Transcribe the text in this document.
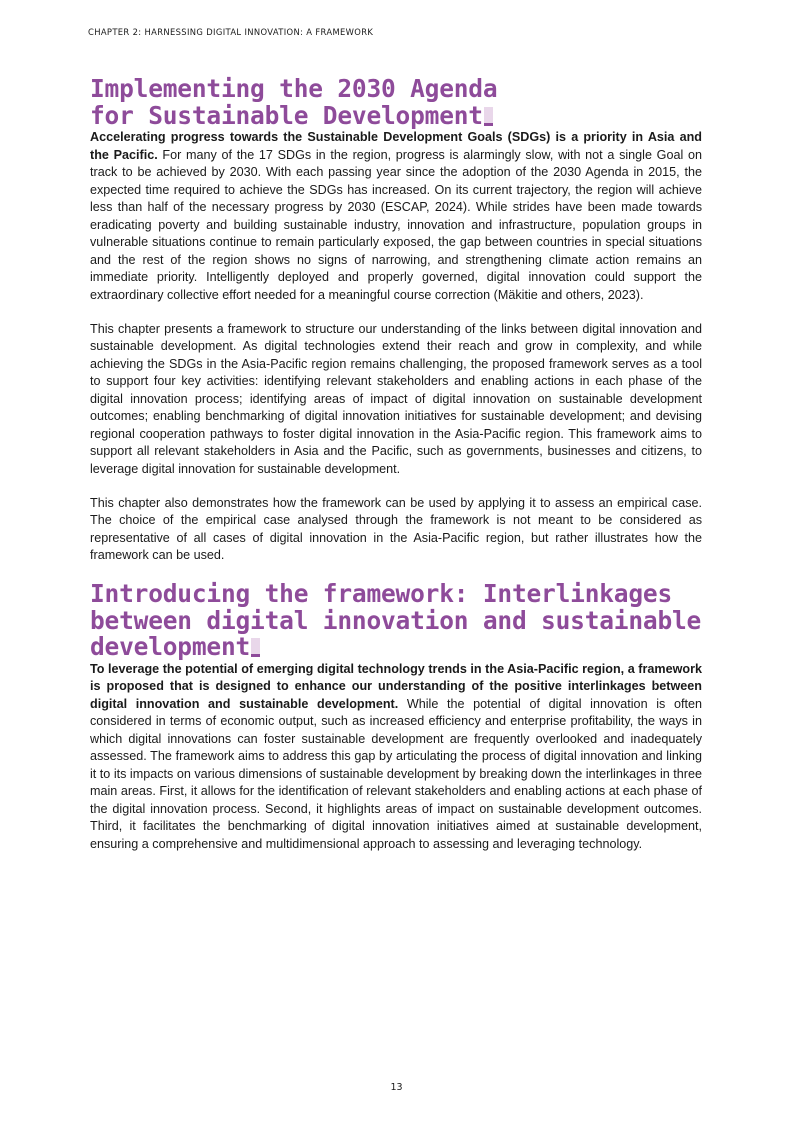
CHAPTER 2: HARNESSING DIGITAL INNOVATION: A FRAMEWORK
Implementing the 2030 Agenda
for Sustainable Development

Accelerating progress towards the Sustainable Development Goals (SDGs) is a priority in Asia and the Pacific. For many of the 17 SDGs in the region, progress is alarmingly slow, with not a single Goal on track to be achieved by 2030. With each passing year since the adoption of the 2030 Agenda in 2015, the expected time required to achieve the SDGs has increased. On its current trajectory, the region will achieve less than half of the necessary progress by 2030 (ESCAP, 2024). While strides have been made towards eradicating poverty and building sustainable industry, innovation and infrastructure, population groups in vulnerable situations continue to remain particularly exposed, the gap between countries in special situations and the rest of the region shows no signs of narrowing, and strengthening climate action remains an immediate priority. Intelligently deployed and properly governed, digital innovation could support the extraordinary collective effort needed for a meaningful course correction (Mäkitie and others, 2023).

This chapter presents a framework to structure our understanding of the links between digital innovation and sustainable development. As digital technologies extend their reach and grow in complexity, and while achieving the SDGs in the Asia-Pacific region remains challenging, the proposed framework serves as a tool to support four key activities: identifying relevant stakeholders and enabling actions in each phase of the digital innovation process; identifying areas of impact of digital innovation on sustainable development outcomes; enabling benchmarking of digital innovation initiatives for sustainable development; and devising regional cooperation pathways to foster digital innovation in the Asia-Pacific region. This framework aims to support all relevant stakeholders in Asia and the Pacific, such as governments, businesses and citizens, to leverage digital innovation for sustainable development.

This chapter also demonstrates how the framework can be used by applying it to assess an empirical case. The choice of the empirical case analysed through the framework is not meant to be considered as representative of all cases of digital innovation in the Asia-Pacific region, but rather illustrates how the framework can be used.

Introducing the framework: Interlinkages
between digital innovation and sustainable
development

To leverage the potential of emerging digital technology trends in the Asia-Pacific region, a framework is proposed that is designed to enhance our understanding of the positive interlinkages between digital innovation and sustainable development. While the potential of digital innovation is often considered in terms of economic output, such as increased efficiency and enterprise profitability, the ways in which digital innovations can foster sustainable development are frequently overlooked and inadequately assessed. The framework aims to address this gap by articulating the process of digital innovation and linking it to its impacts on various dimensions of sustainable development by breaking down the interlinkages in three main areas. First, it allows for the identification of relevant stakeholders and enabling actions at each phase of the digital innovation process. Second, it highlights areas of impact on sustainable development outcomes. Third, it facilitates the benchmarking of digital innovation initiatives aimed at sustainable development, ensuring a comprehensive and multidimensional approach to assessing and leveraging technology.

13
